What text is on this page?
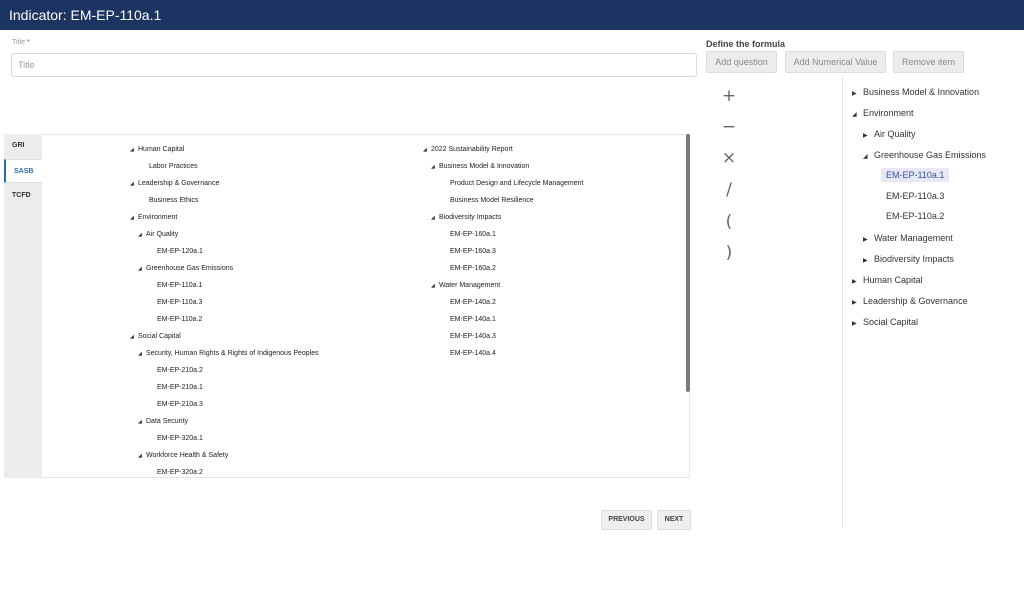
Indicator: EM-EP-110a.1
Title *
Title	Define the formula
Add question	Add Numerical Value	Remove item
+
−
×
/
(
)
GRI
SASB
TCFD
◢ Human Capital
Labor Practices
◢ Leadership & Governance
Business Ethics
◢ Environment
◢ Air Quality
EM-EP-120a.1
◢ Greenhouse Gas Emissions
EM-EP-110a.1
EM-EP-110a.3
EM-EP-110a.2
◢ Social Capital
◢ Security, Human Rights & Rights of Indigenous Peoples
EM-EP-210a.2
EM-EP-210a.1
EM-EP-210a.3
◢ Data Security
EM-EP-320a.1
◢ Workforce Health & Safety
EM-EP-320a.2
◢ 2022 Sustainability Report
◢ Business Model & Innovation
Product Design and Lifecycle Management
Business Model Resilience
◢ Biodiversity Impacts
EM-EP-160a.1
EM-EP-160a.3
EM-EP-160a.2
◢ Water Management
EM-EP-140a.2
EM-EP-140a.1
EM-EP-140a.3
EM-EP-140a.4
PREVIOUS	NEXT
▶ Business Model & Innovation
◢ Environment
▶ Air Quality
◢ Greenhouse Gas Emissions
EM-EP-110a.1
EM-EP-110a.3
EM-EP-110a.2
▶ Water Management
▶ Biodiversity Impacts
▶ Human Capital
▶ Leadership & Governance
▶ Social Capital
